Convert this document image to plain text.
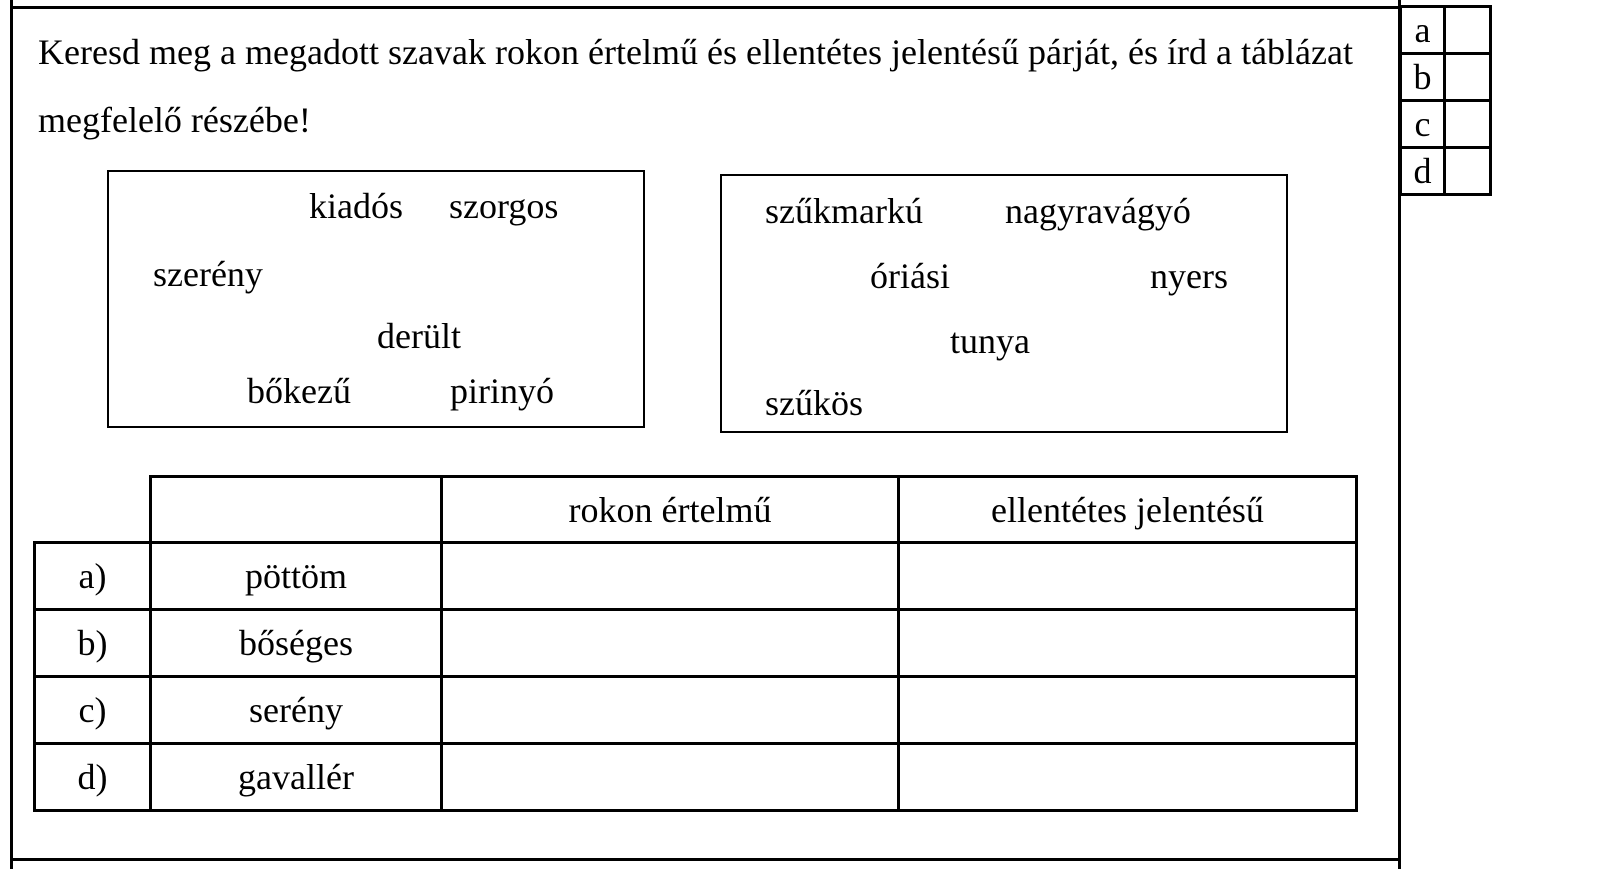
Keresd meg a megadott szavak rokon értelmű és ellentétes jelentésű párját, és írd a táblázat
megfelelő részébe!
kiadós szorgos
szerény
derült
bőkezű	pirinyó
szűkmarkú nagyravágyó
óriási	nyers
tunya
szűkös
		rokon értelmű	ellentétes jelentésű
a)	pöttöm		
b)	bőséges		
c)	serény		
d)	gavallér		
a	
b	
c	
d	
